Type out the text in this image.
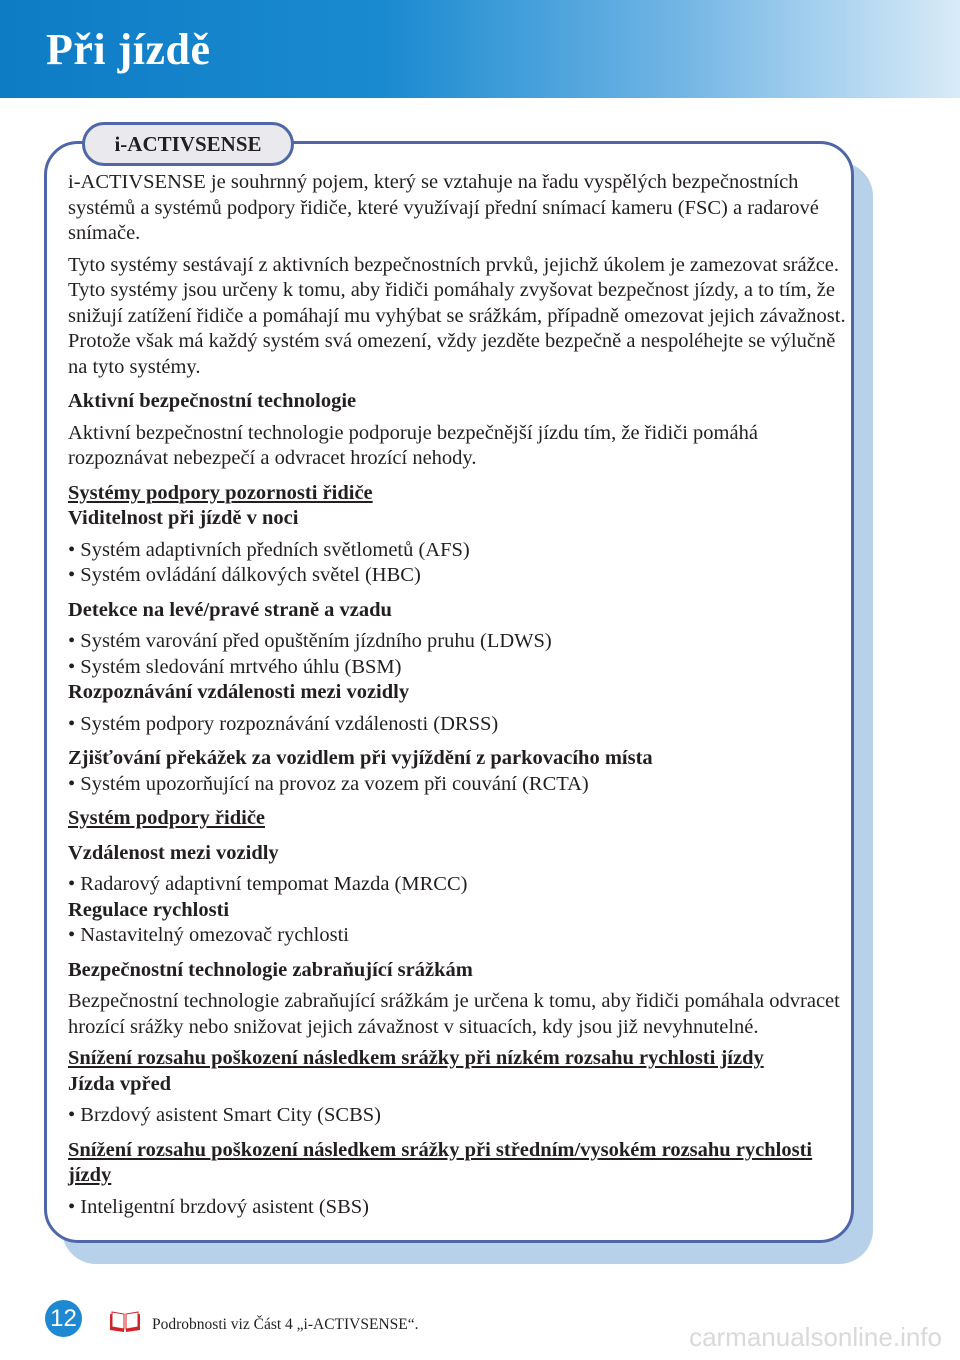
Při jízdě
i-ACTIVSENSE

i-ACTIVSENSE je souhrnný pojem, který se vztahuje na řadu vyspělých bezpečnostních systémů a systémů podpory řidiče, které využívají přední snímací kameru (FSC) a radarové snímače.

Tyto systémy sestávají z aktivních bezpečnostních prvků, jejichž úkolem je zamezovat srážce.

Tyto systémy jsou určeny k tomu, aby řidiči pomáhaly zvyšovat bezpečnost jízdy, a to tím, že snižují zatížení řidiče a pomáhají mu vyhýbat se srážkám, případně omezovat jejich závažnost. Protože však má každý systém svá omezení, vždy jezděte bezpečně a nespoléhejte se výlučně na tyto systémy.

Aktivní bezpečnostní technologie

Aktivní bezpečnostní technologie podporuje bezpečnější jízdu tím, že řidiči pomáhá rozpoznávat nebezpečí a odvracet hrozící nehody.

Systémy podpory pozornosti řidiče

Viditelnost při jízdě v noci

• Systém adaptivních předních světlometů (AFS)

• Systém ovládání dálkových světel (HBC)

Detekce na levé/pravé straně a vzadu

• Systém varování před opuštěním jízdního pruhu (LDWS)

• Systém sledování mrtvého úhlu (BSM)

Rozpoznávání vzdálenosti mezi vozidly

• Systém podpory rozpoznávání vzdálenosti (DRSS)

Zjišťování překážek za vozidlem při vyjíždění z parkovacího místa

• Systém upozorňující na provoz za vozem při couvání (RCTA)

Systém podpory řidiče

Vzdálenost mezi vozidly

• Radarový adaptivní tempomat Mazda (MRCC)

Regulace rychlosti

• Nastavitelný omezovač rychlosti

Bezpečnostní technologie zabraňující srážkám

Bezpečnostní technologie zabraňující srážkám je určena k tomu, aby řidiči pomáhala odvracet hrozící srážky nebo snižovat jejich závažnost v situacích, kdy jsou již nevyhnutelné.

Snížení rozsahu poškození následkem srážky při nízkém rozsahu rychlosti jízdy

Jízda vpřed

• Brzdový asistent Smart City (SCBS)

Snížení rozsahu poškození následkem srážky při středním/vysokém rozsahu rychlosti jízdy

• Inteligentní brzdový asistent (SBS)

12	Podrobnosti viz Část 4 „i-ACTIVSENSE“.	carmanualsonline.info
